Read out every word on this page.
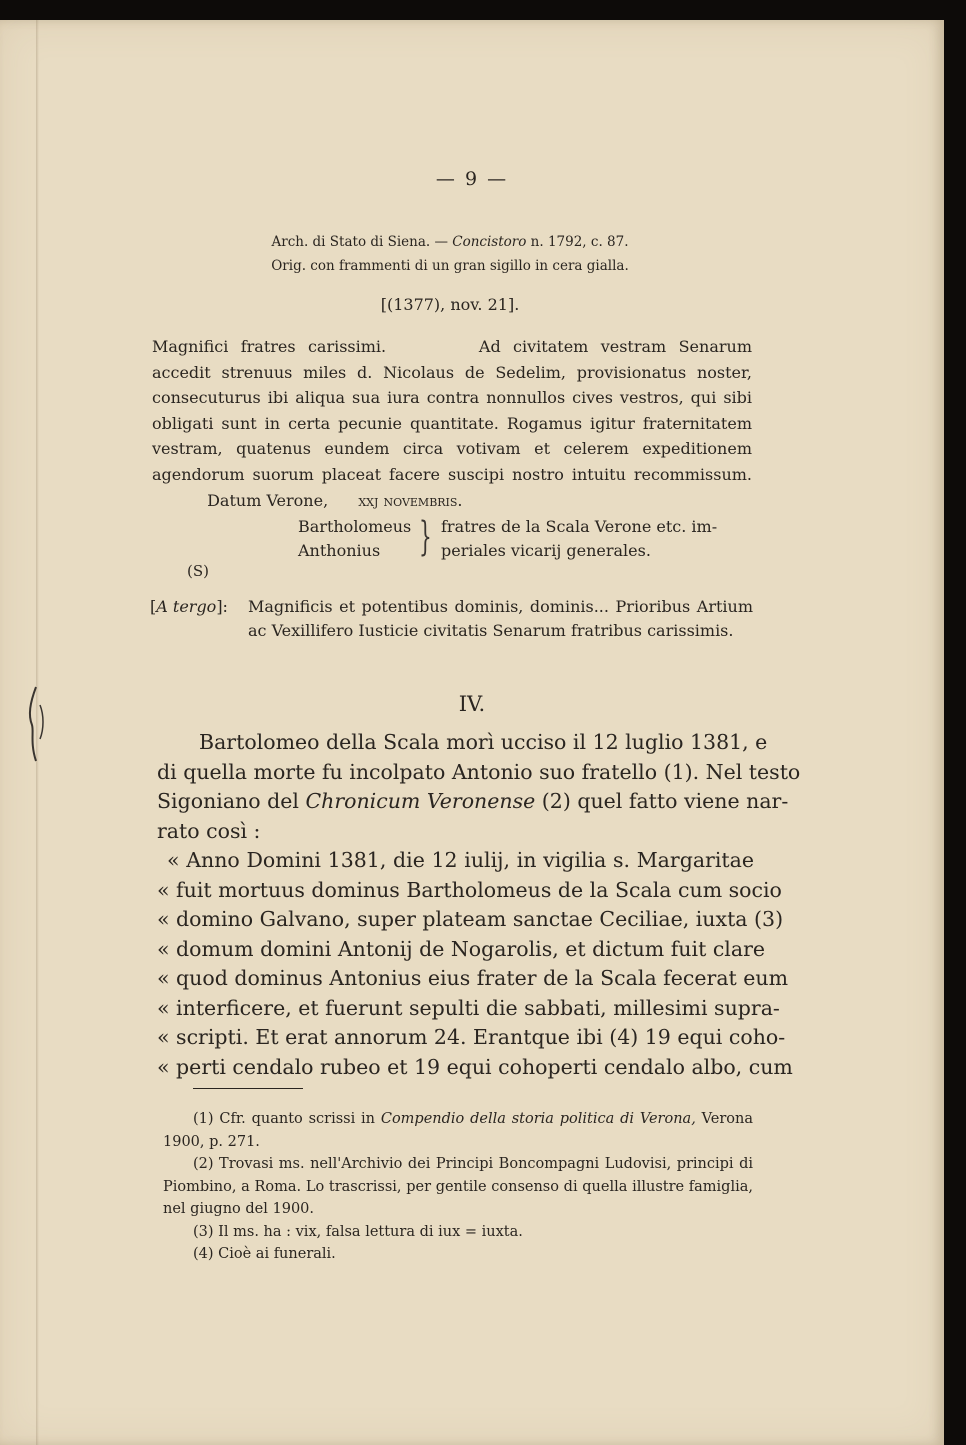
— 9 —
Arch. di Stato di Siena. — Concistoro n. 1792, c. 87.
Orig. con frammenti di un gran sigillo in cera gialla.
[(1377), nov. 21].

Magnifici fratres carissimi.	Ad civitatem vestram Senarum accedit strenuus miles d. Nicolaus de Sedelim, provisionatus noster, consecuturus ibi aliqua sua iura contra nonnullos cives vestros, qui sibi obligati sunt in certa pecunie quantitate. Rogamus igitur fraternitatem vestram, quatenus eundem circa votivam et celerem expeditionem agendorum suorum placeat facere suscipi nostro intuitu recommissum.  Datum Verone, xxj novembris.

Bartholomeus
Anthonius } fratres de la Scala Verone etc. im-
periales vicarij generales.
(S)
[A tergo]:	Magnificis et potentibus dominis, dominis... Prioribus Artium ac Vexillifero Iusticie civitatis Senarum fratribus carissimis.
IV.
Bartolomeo della Scala morì ucciso il 12 luglio 1381, e
di quella morte fu incolpato Antonio suo fratello (1). Nel testo
Sigoniano del Chronicum Veronense (2) quel fatto viene nar-
rato così :
« Anno Domini 1381, die 12 iulij, in vigilia s. Margaritae
« fuit mortuus dominus Bartholomeus de la Scala cum socio
« domino Galvano, super plateam sanctae Ceciliae, iuxta (3)
« domum domini Antonij de Nogarolis, et dictum fuit clare
« quod dominus Antonius eius frater de la Scala fecerat eum
« interficere, et fuerunt sepulti die sabbati, millesimi supra-
« scripti. Et erat annorum 24. Erantque ibi (4) 19 equi coho-
« perti cendalo rubeo et 19 equi cohoperti cendalo albo, cum

(1) Cfr. quanto scrissi in Compendio della storia politica di Verona, Verona 1900, p. 271.

(2) Trovasi ms. nell'Archivio dei Principi Boncompagni Ludovisi, principi di Piombino, a Roma. Lo trascrissi, per gentile consenso di quella illustre famiglia, nel giugno del 1900.

(3) Il ms. ha : vix, falsa lettura di iux = iuxta.

(4) Cioè ai funerali.
